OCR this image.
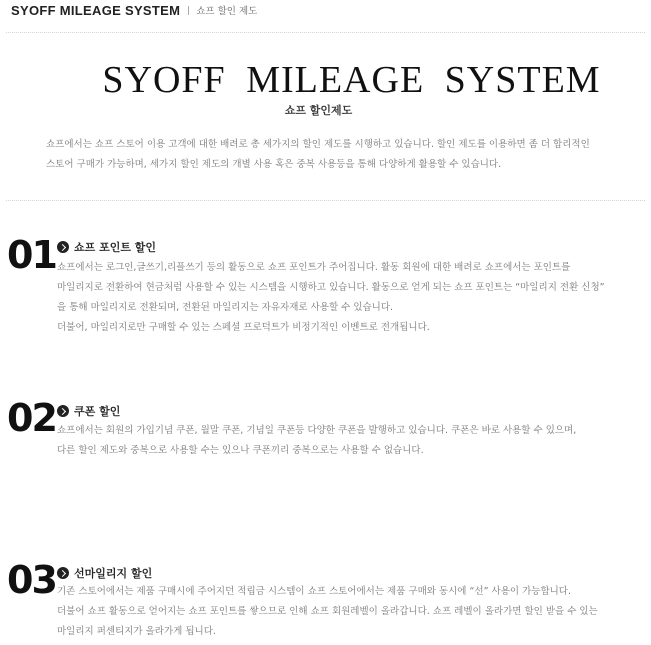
SYOFF MILEAGE SYSTEM 쇼프 할인 제도
SYOFF MILEAGE SYSTEM
쇼프 할인제도
쇼프에서는 쇼프 스토어 이용 고객에 대한 배려로 총 세가지의 할인 제도를 시행하고 있습니다. 할인 제도를 이용하면 좀 더 합리적인
스토어 구매가 가능하며, 세가지 할인 제도의 개별 사용 혹은 중복 사용등을 통해 다양하게 활용할 수 있습니다.
01 쇼프 포인트 할인
쇼프에서는 로그인,글쓰기,리플쓰기 등의 활동으로 쇼프 포인트가 주어집니다. 활동 회원에 대한 배려로 쇼프에서는 포인트를
마일리지로 전환하여 현금처럼 사용할 수 있는 시스템을 시행하고 있습니다. 활동으로 얻게 되는 쇼프 포인트는 “마일리지 전환 신청”
을 통해 마일리지로 전환되며, 전환된 마일리지는 자유자재로 사용할 수 있습니다.
더불어, 마일리지로만 구매할 수 있는 스페셜 프로덕트가 비정기적인 이벤트로 전개됩니다.
02 쿠폰 할인
쇼프에서는 회원의 가입기념 쿠폰, 월말 쿠폰, 기념일 쿠폰등 다양한 쿠폰을 발행하고 있습니다. 쿠폰은 바로 사용할 수 있으며,
다른 할인 제도와 중복으로 사용할 수는 있으나 쿠폰끼리 중복으로는 사용할 수 없습니다.
03 선마일리지 할인
기존 스토어에서는 제품 구매시에 주어지던 적립금 시스템이 쇼프 스토어에서는 제품 구매와 동시에 “선” 사용이 가능합니다.
더불어 쇼프 활동으로 얻어지는 쇼프 포인트를 쌓으므로 인해 쇼프 회원레벨이 올라갑니다. 쇼프 레벨이 올라가면 할인 받을 수 있는
마일리지 퍼센티지가 올라가게 됩니다.
